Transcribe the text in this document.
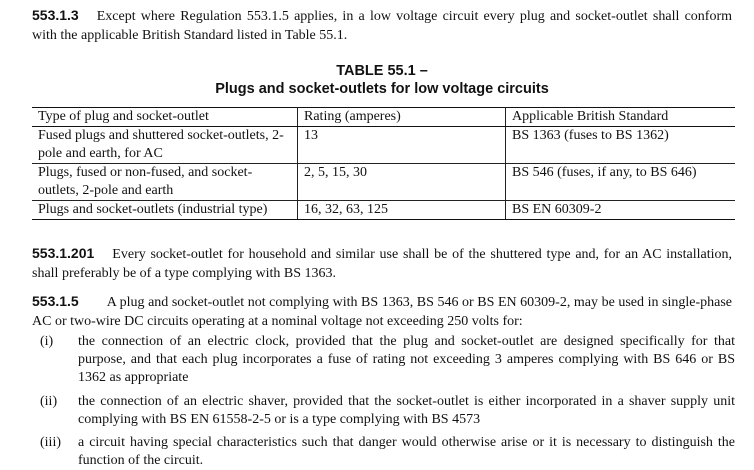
553.1.3 Except where Regulation 553.1.5 applies, in a low voltage circuit every plug and socket-outlet shall conform with the applicable British Standard listed in Table 55.1.
TABLE 55.1 –
Plugs and socket-outlets for low voltage circuits
Type of plug and socket-outlet	Rating (amperes)	Applicable British Standard
Fused plugs and shuttered socket-outlets, 2-pole and earth, for AC	13	BS 1363 (fuses to BS 1362)
Plugs, fused or non-fused, and socket-outlets, 2-pole and earth	2, 5, 15, 30	BS 546 (fuses, if any, to BS 646)
Plugs and socket-outlets (industrial type)	16, 32, 63, 125	BS EN 60309-2
553.1.201 Every socket-outlet for household and similar use shall be of the shuttered type and, for an AC installation, shall preferably be of a type complying with BS 1363.
553.1.5 A plug and socket-outlet not complying with BS 1363, BS 546 or BS EN 60309-2, may be used in single-phase AC or two-wire DC circuits operating at a nominal voltage not exceeding 250 volts for:
(i)	the connection of an electric clock, provided that the plug and socket-outlet are designed specifically for that purpose, and that each plug incorporates a fuse of rating not exceeding 3 amperes complying with BS 646 or BS 1362 as appropriate
(ii)	the connection of an electric shaver, provided that the socket-outlet is either incorporated in a shaver supply unit complying with BS EN 61558-2-5 or is a type complying with BS 4573
(iii)	a circuit having special characteristics such that danger would otherwise arise or it is necessary to distinguish the function of the circuit.
